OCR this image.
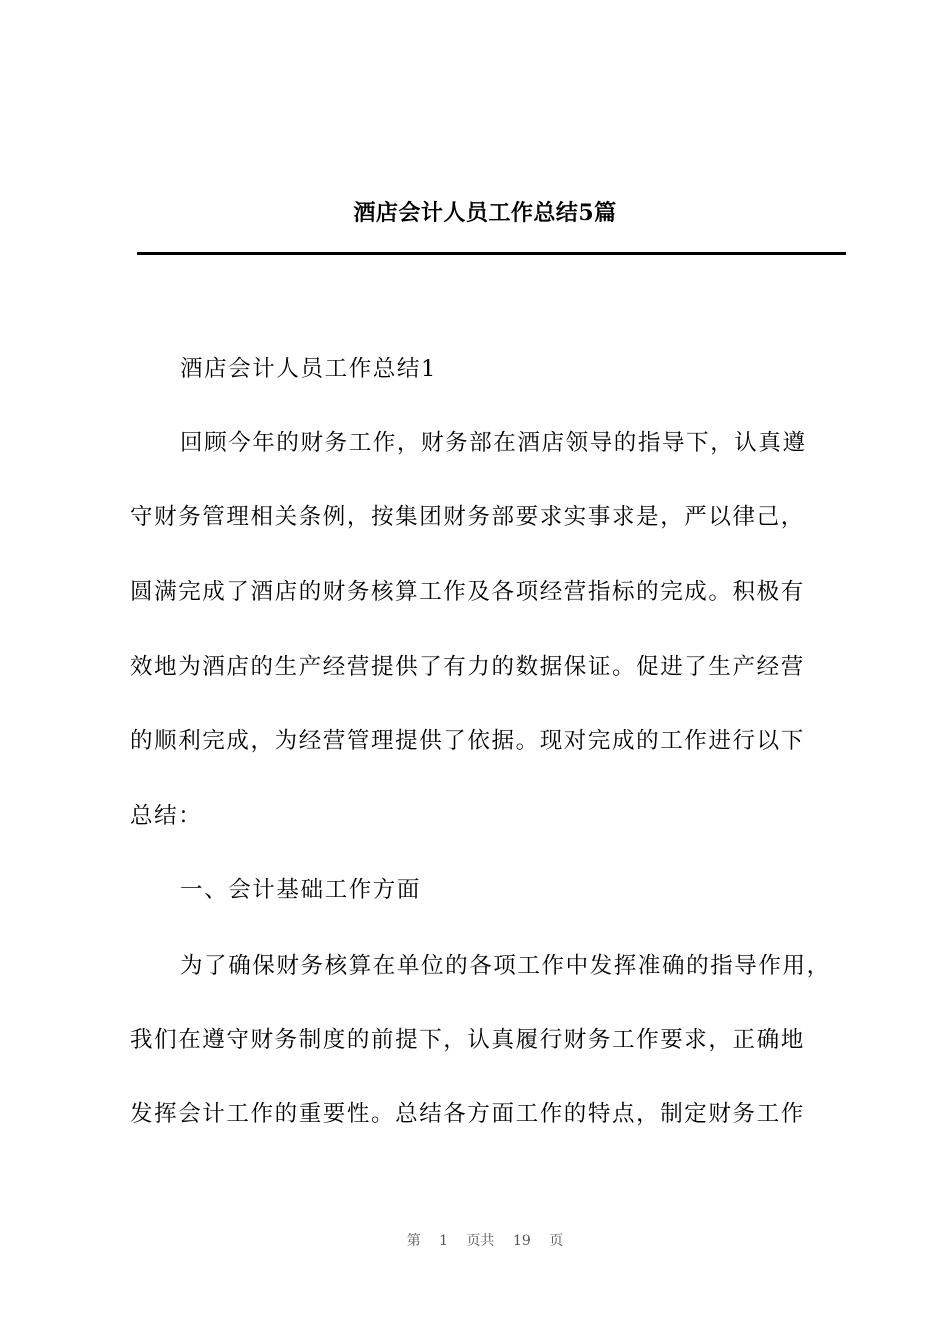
酒店会计人员工作总结5篇
酒店会计人员工作总结1
回顾今年的财务工作，财务部在酒店领导的指导下，认真遵
守财务管理相关条例，按集团财务部要求实事求是，严以律己，
圆满完成了酒店的财务核算工作及各项经营指标的完成。积极有
效地为酒店的生产经营提供了有力的数据保证。促进了生产经营
的顺利完成，为经营管理提供了依据。现对完成的工作进行以下
总结：
一、会计基础工作方面
为了确保财务核算在单位的各项工作中发挥准确的指导作用，
我们在遵守财务制度的前提下，认真履行财务工作要求，正确地
发挥会计工作的重要性。总结各方面工作的特点，制定财务工作
第 1 页共 19 页
